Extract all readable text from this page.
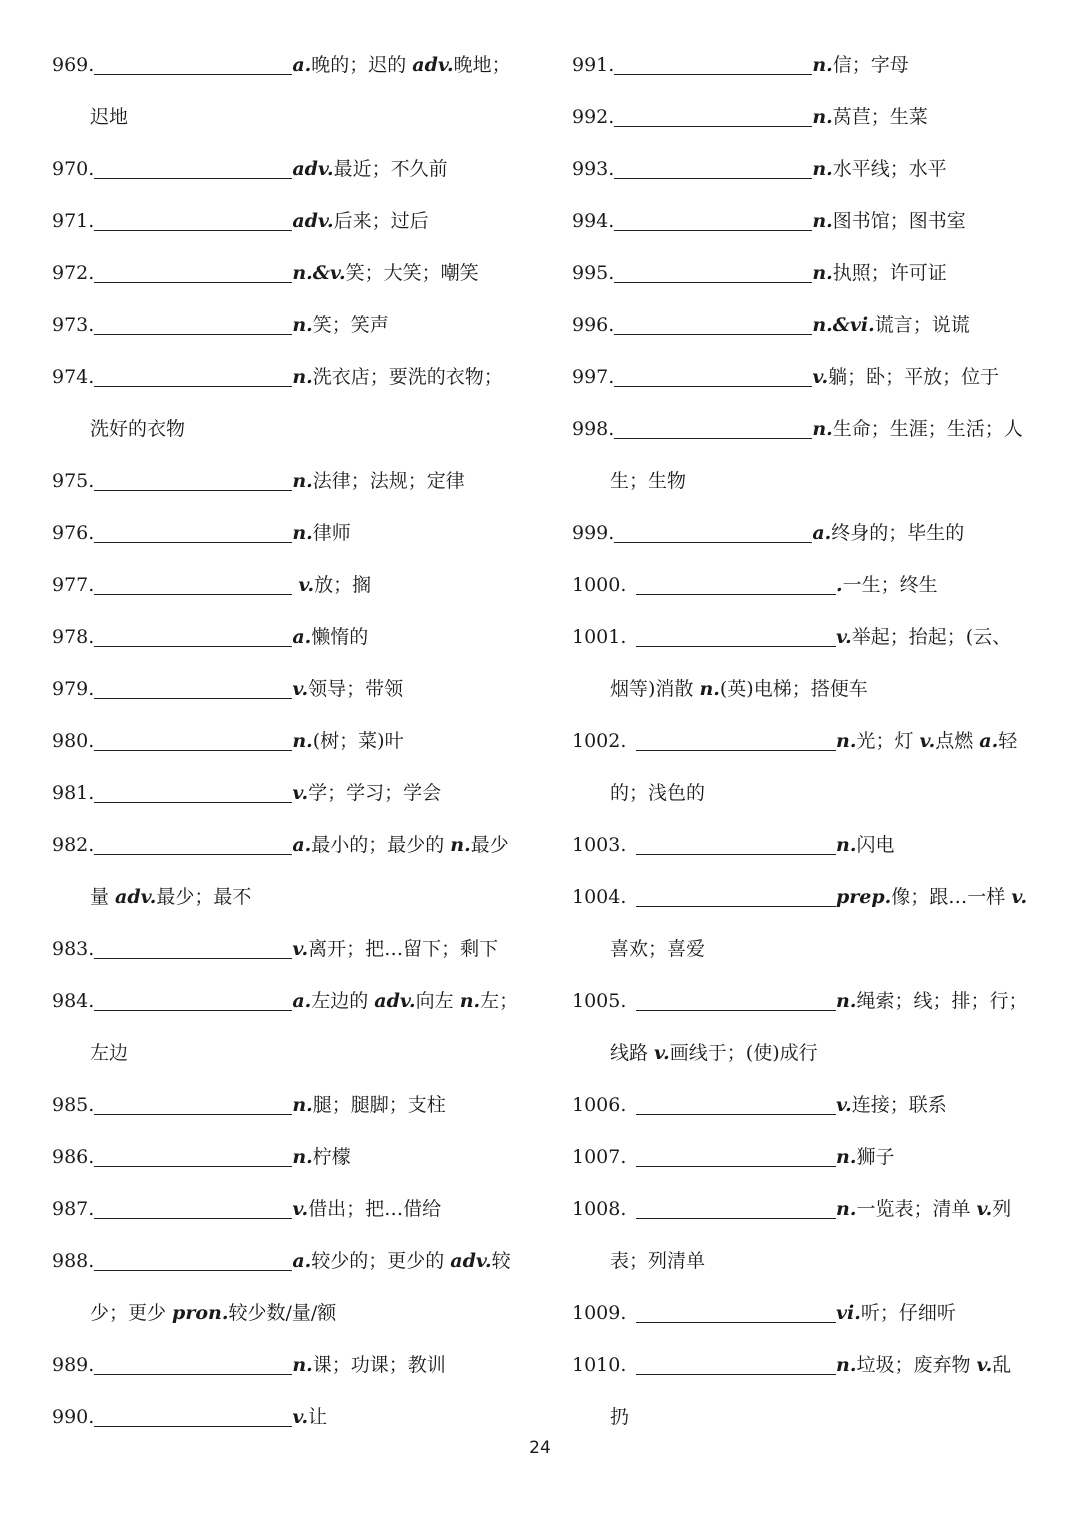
969.	a.晚的；迟的 adv.晚地；
迟地
970.	adv.最近；不久前
971.	adv.后来；过后
972.	n.&v.笑；大笑；嘲笑
973.	n.笑；笑声
974.	n.洗衣店；要洗的衣物；
洗好的衣物
975.	n.法律；法规；定律
976.	n.律师
977.	v.放；搁
978.	a.懒惰的
979.	v.领导；带领
980.	n.(树；菜)叶
981.	v.学；学习；学会
982.	a.最小的；最少的 n.最少
量 adv.最少；最不
983.	v.离开；把…留下；剩下
984.	a.左边的 adv.向左 n.左；
左边
985.	n.腿；腿脚；支柱
986.	n.柠檬
987.	v.借出；把…借给
988.	a.较少的；更少的 adv.较
少；更少 pron.较少数/量/额
989.	n.课；功课；教训
990.	v.让
991.	n.信；字母
992.	n.莴苣；生菜
993.	n.水平线；水平
994.	n.图书馆；图书室
995.	n.执照；许可证
996.	n.&vi.谎言；说谎
997.	v.躺；卧；平放；位于
998.	n.生命；生涯；生活；人
生；生物
999.	a.终身的；毕生的
1000.	.一生；终生
1001.	v.举起；抬起；(云、
烟等)消散 n.(英)电梯；搭便车
1002.	n.光；灯 v.点燃 a.轻
的；浅色的
1003.	n.闪电
1004.	prep.像；跟…一样 v.
喜欢；喜爱
1005.	n.绳索；线；排；行；
线路 v.画线于；(使)成行
1006.	v.连接；联系
1007.	n.狮子
1008.	n.一览表；清单 v.列
表；列清单
1009.	vi.听；仔细听
1010.	n.垃圾；废弃物 v.乱
扔
24
